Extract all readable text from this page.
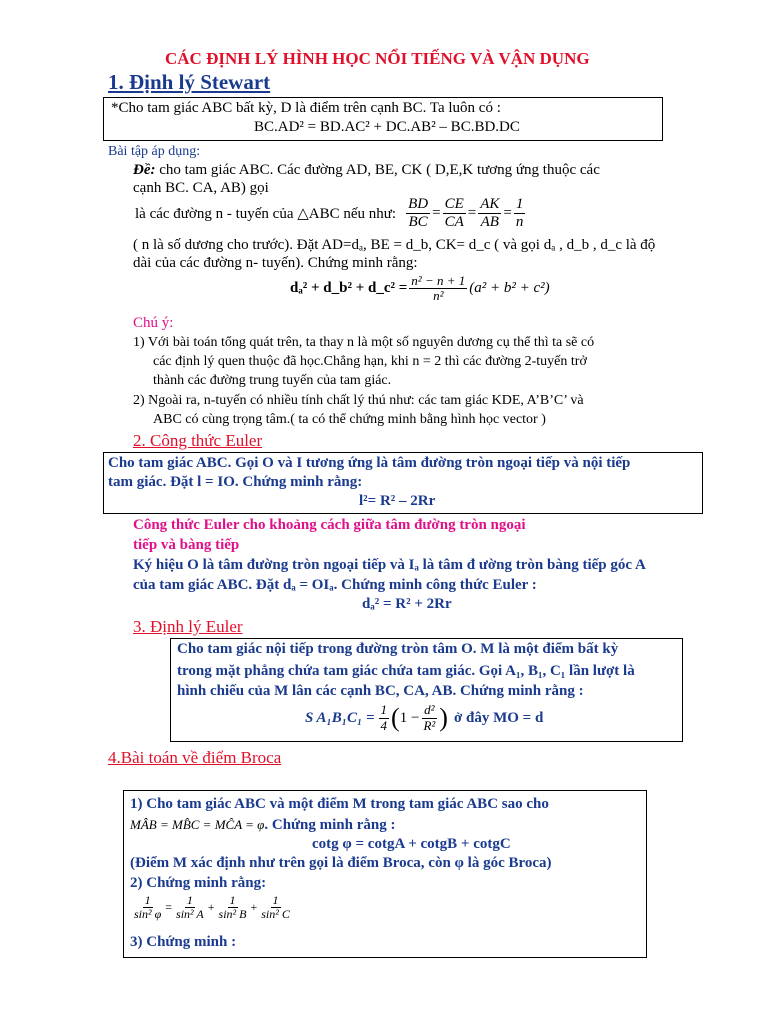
CÁC ĐỊNH LÝ HÌNH HỌC NỔI TIẾNG VÀ VẬN DỤNG
1. Định lý Stewart
*Cho tam giác ABC bất kỳ, D là điểm trên cạnh BC. Ta luôn có :
BC.AD² = BD.AC² + DC.AB² – BC.BD.DC
Bài tập áp dụng:
Đề: cho tam giác ABC. Các đường AD, BE, CK ( D,E,K tương ứng thuộc các
cạnh BC. CA, AB) gọi
là các đường n - tuyến của △ABC nếu như: $\frac{BD}{BC} = \frac{CE}{CA} = \frac{AK}{AB} = \frac{1}{n}$
( n là số dương cho trước). Đặt AD=dₐ, BE = d_b, CK= d_c ( và gọi dₐ , d_b , d_c là độ
dài của các đường n- tuyến). Chứng minh rằng:
dₐ² + d_b² + d_c² = $\frac{\text{n² − n + 1}}{\text{n²}} (a^2 + b^2 + c^2)$
Chú ý:
1) Với bài toán tổng quát trên, ta thay n là một số nguyên dương cụ thể thì ta sẽ có
các định lý quen thuộc đã học.Chẳng hạn, khi n = 2 thì các đường 2-tuyến trở
thành các đường trung tuyến của tam giác.
2) Ngoài ra, n-tuyến có nhiều tính chất lý thú như: các tam giác KDE, A’B’C’ và
ABC có cùng trọng tâm.( ta có thể chứng minh bằng hình học vector )
2. Công thức Euler
Cho tam giác ABC. Gọi O và I tương ứng là tâm đường tròn ngoại tiếp và nội tiếp
tam giác. Đặt l = IO. Chứng minh rằng:
l²= R² – 2Rr
Công thức Euler cho khoảng cách giữa tâm đường tròn ngoại
tiếp và bàng tiếp
Ký hiệu O là tâm đường tròn ngoại tiếp và Iₐ là tâm đ ường tròn bàng tiếp góc A
của tam giác ABC. Đặt dₐ = OIₐ. Chứng minh công thức Euler :
dₐ² = R² + 2Rr
3. Định lý Euler
Cho tam giác nội tiếp trong đường tròn tâm O. M là một điểm bất kỳ
trong mặt phẳng chứa tam giác chứa tam giác. Gọi A₁, B₁, C₁ lần lượt là
hình chiếu của M lân các cạnh BC, CA, AB. Chứng minh rằng :
S $A_1B_1C_1 = \frac{1}{4}$ ( $1 - \frac{\text{d²}}{\text{R²}}$ ) ở đây MO = d
4.Bài toán về điểm Broca
1) Cho tam giác ABC và một điểm M trong tam giác ABC sao cho
MÂB = MB̂C = MĈA = φ. Chứng minh rằng :
cotg φ = cotgA + cotgB + cotgC
(Điểm M xác định như trên gọi là điểm Broca, còn φ là góc Broca)
2) Chứng minh rằng:
$\frac{1}{\text{sin² φ}} = \frac{1}{\text{sin² A}} + \frac{1}{\text{sin² B}} + \frac{1}{\text{sin² C}}$
3) Chứng minh :
